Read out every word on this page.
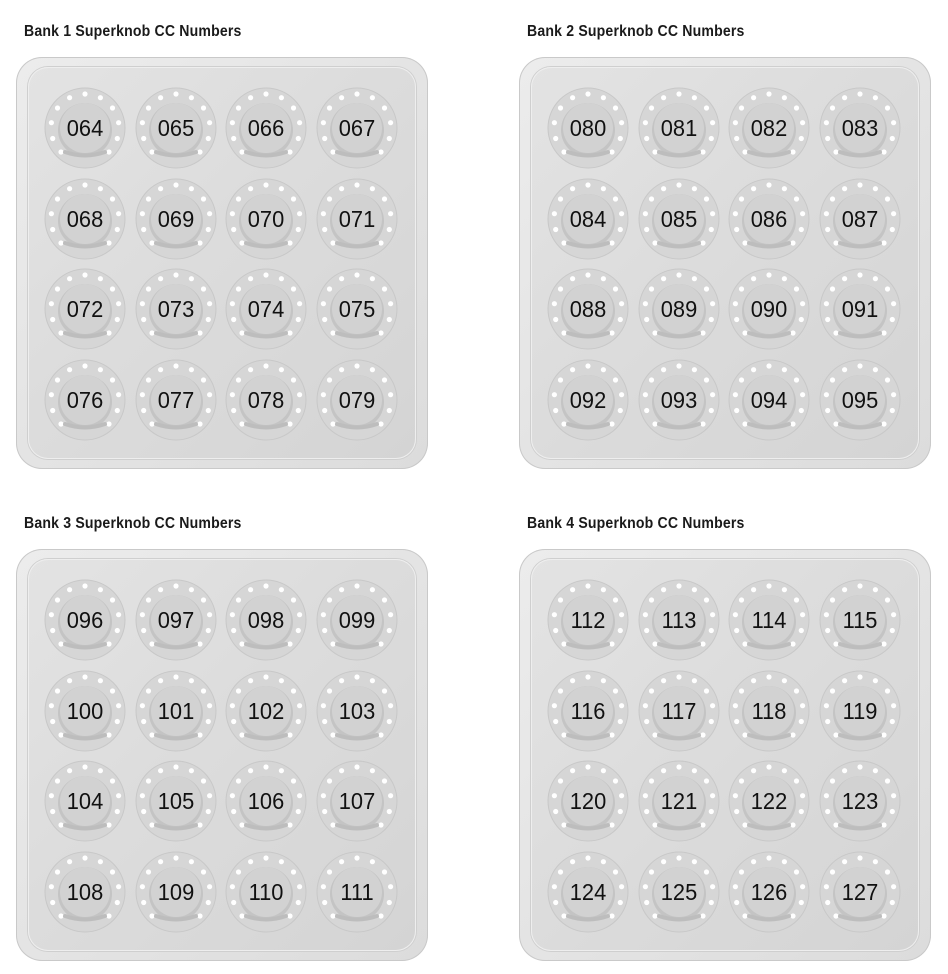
Bank 1 Superknob CC Numbers
064	065	066	067
068	069	070	071
072	073	074	075
076	077	078	079
Bank 2 Superknob CC Numbers
080	081	082	083
084	085	086	087
088	089	090	091
092	093	094	095
Bank 3 Superknob CC Numbers
096	097	098	099
100	101	102	103
104	105	106	107
108	109	110	111
Bank 4 Superknob CC Numbers
112	113	114	115
116	117	118	119
120	121	122	123
124	125	126	127
